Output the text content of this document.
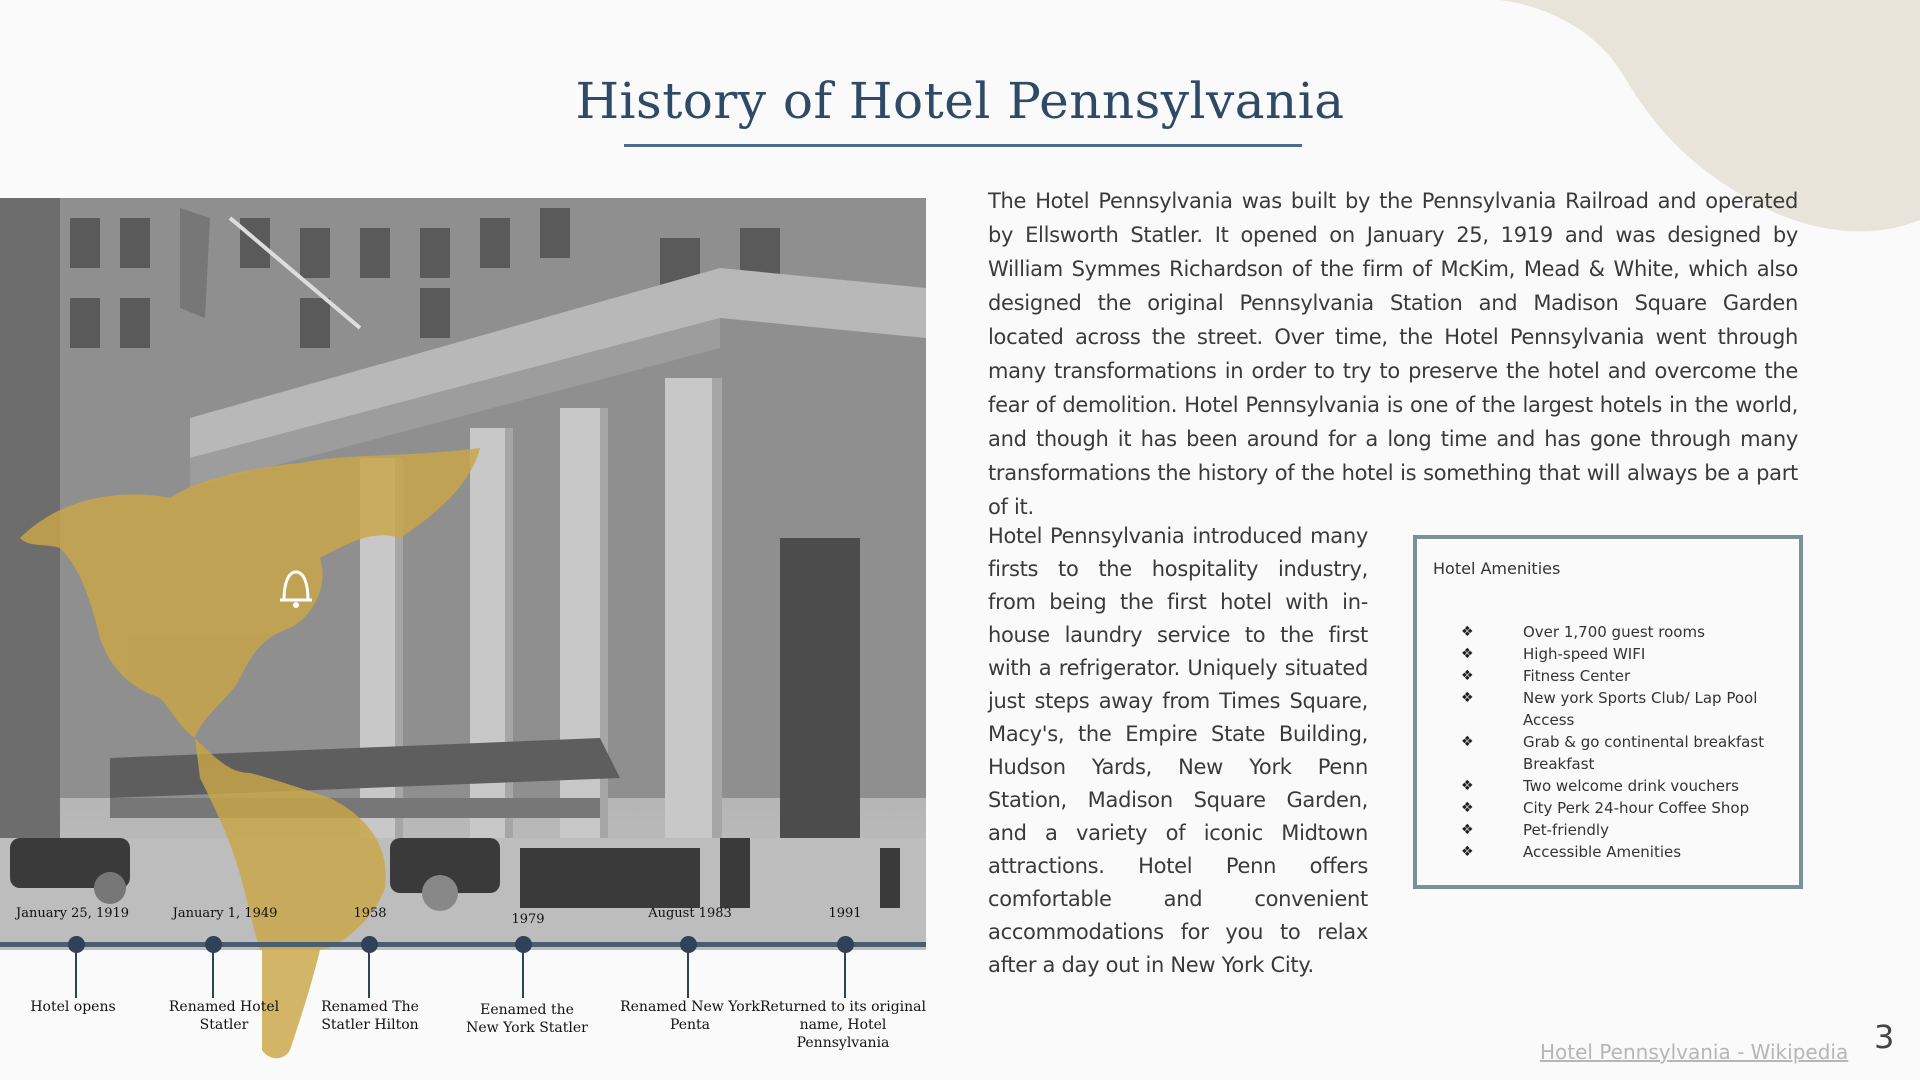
History of Hotel Pennsylvania
January 25, 1919
Hotel opens
January 1, 1949
Renamed Hotel Statler
1958
Renamed The Statler Hilton
1979
Eenamed the New York Statler
August 1983
Renamed New York Penta
1991
Returned to its original name, Hotel Pennsylvania

The Hotel Pennsylvania was built by the Pennsylvania Railroad and operated by Ellsworth Statler. It opened on January 25, 1919 and was designed by William Symmes Richardson of the firm of McKim, Mead & White, which also designed the original Pennsylvania Station and Madison Square Garden located across the street. Over time, the Hotel Pennsylvania went through many transformations in order to try to preserve the hotel and overcome the fear of demolition. Hotel Pennsylvania is one of the largest hotels in the world, and though it has been around for a long time and has gone through many transformations the history of the hotel is something that will always be a part of it.

Hotel Pennsylvania introduced many firsts to the hospitality industry, from being the first hotel with in-house laundry service to the first with a refrigerator. Uniquely situated just steps away from Times Square, Macy's, the Empire State Building, Hudson Yards, New York Penn Station, Madison Square Garden, and a variety of iconic Midtown attractions. Hotel Penn offers comfortable and convenient accommodations for you to relax after a day out in New York City.

Hotel Amenities
❖	Over 1,700 guest rooms
❖	High-speed WIFI
❖	Fitness Center
❖	New york Sports Club/ Lap Pool Access
❖	Grab & go continental breakfast Breakfast
❖	Two welcome drink vouchers
❖	City Perk 24-hour Coffee Shop
❖	Pet-friendly
❖	Accessible Amenities
Hotel Pennsylvania - Wikipedia 3
